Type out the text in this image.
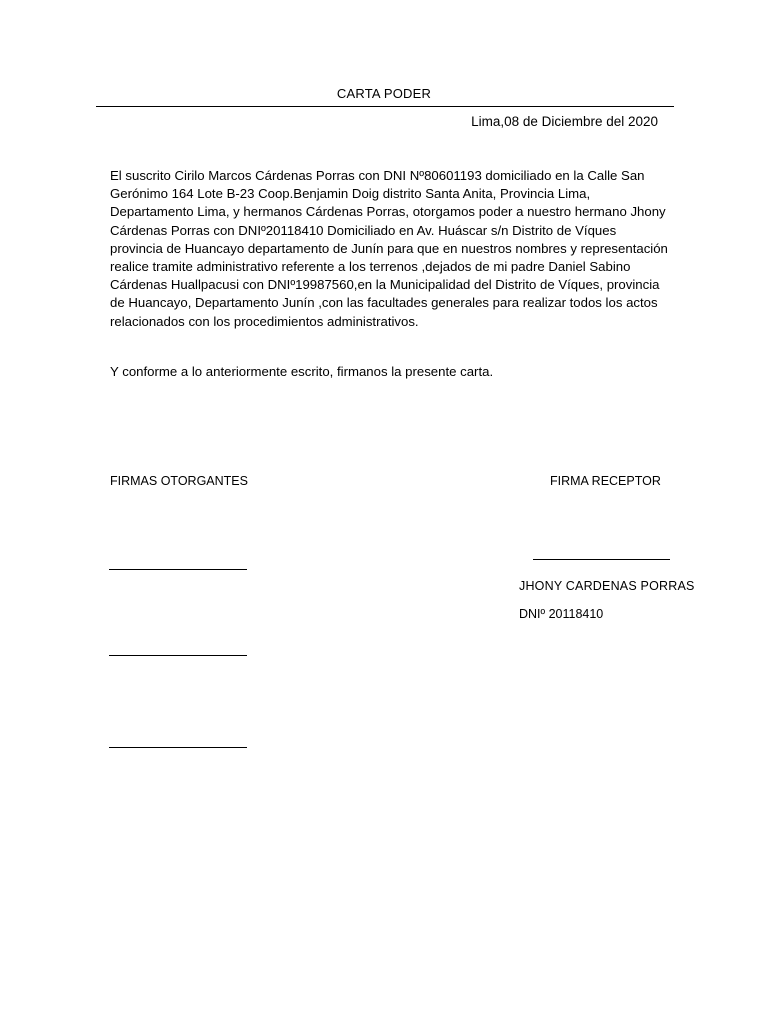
CARTA PODER
Lima,08 de Diciembre del 2020

El suscrito Cirilo Marcos Cárdenas Porras con DNI Nº80601193 domiciliado en la Calle San Gerónimo 164 Lote B-23 Coop.Benjamin Doig distrito Santa Anita, Provincia Lima, Departamento Lima, y hermanos Cárdenas Porras, otorgamos poder a nuestro hermano Jhony Cárdenas Porras con DNIº20118410 Domiciliado en Av. Huáscar s/n Distrito de Víques provincia de Huancayo departamento de Junín para que en nuestros nombres y representación realice tramite administrativo referente a los terrenos ,dejados de mi padre Daniel Sabino Cárdenas Huallpacusi con DNIº19987560,en la Municipalidad del Distrito de Víques, provincia de Huancayo, Departamento Junín ,con las facultades generales para realizar todos los actos relacionados con los procedimientos administrativos.

Y conforme a lo anteriormente escrito, firmanos la presente carta.

FIRMAS OTORGANTES	FIRMA RECEPTOR
JHONY CARDENAS PORRAS
DNIº 20118410
